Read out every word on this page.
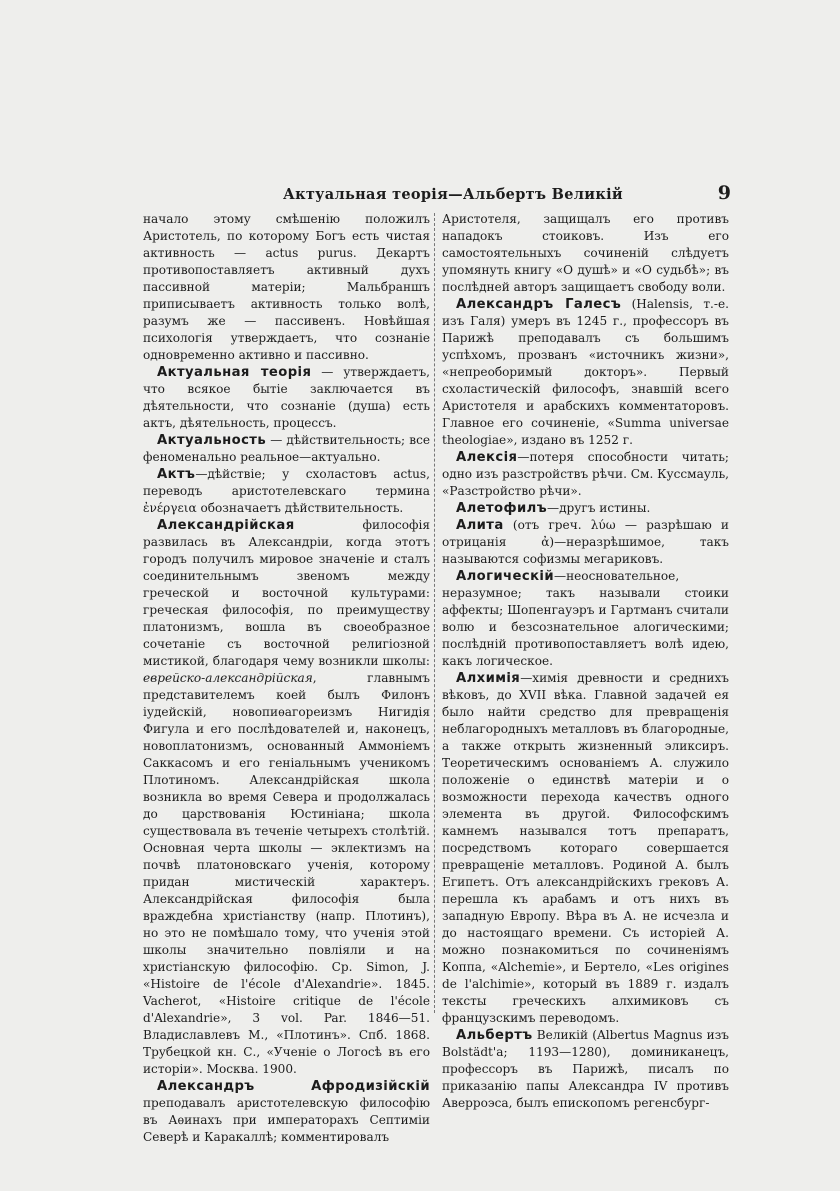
Актуальная теорія—Альбертъ Великій	9

начало этому смѣшенію положилъ Аристотель, по которому Богъ есть чистая активность — actus purus. Декартъ противопоставляетъ активный духъ пассивной матеріи; Мальбраншъ приписываетъ активность только волѣ, разумъ же — пассивенъ. Новѣйшая психологія утверждаетъ, что сознаніе одновременно активно и пассивно.

Актуальная теорія — утверждаетъ, что всякое бытіе заключается въ дѣятельности, что сознаніе (душа) есть актъ, дѣятельность, процессъ.

Актуальность — дѣйствительность; все феноменально реальное—актуально.

Актъ—дѣйствіе; у схоластовъ actus, переводъ аристотелевскаго термина ἐνέργεια обозначаетъ дѣйствительность.

Александрійская философія развилась въ Александріи, когда этотъ городъ получилъ мировое значеніе и сталъ соединительнымъ звеномъ между греческой и восточной культурами: греческая философія, по преимуществу платонизмъ, вошла въ своеобразное сочетаніе съ восточной религіозной мистикой, благодаря чему возникли школы: еврейско-александрійская, главнымъ представителемъ коей былъ Филонъ іудейскій, новопиѳагореизмъ Нигидія Фигула и его послѣдователей и, наконецъ, новоплатонизмъ, основанный Аммоніемъ Саккасомъ и его геніальнымъ ученикомъ Плотиномъ. Александрійская школа возникла во время Севера и продолжалась до царствованія Юстиніана; школа существовала въ теченіе четырехъ столѣтій. Основная черта школы — эклектизмъ на почвѣ платоновскаго ученія, которому придан мистическій характеръ. Александрійская философія была враждебна христіанству (напр. Плотинъ), но это не помѣшало тому, что ученія этой школы значительно повліяли и на христіанскую философію. Cp. Simon, J. «Histoire de l'école d'Alexandrie». 1845. Vacherot, «Histoire critique de l'école d'Alexandrie», 3 vol. Par. 1846—51. Владиславлевъ М., «Плотинъ». Спб. 1868. Трубецкой кн. С., «Ученіе о Логосѣ въ его исторіи». Москва. 1900.

Александръ Афродизійскій преподавалъ аристотелевскую философію въ Аѳинахъ при императорахъ Септиміи Северѣ и Каракаллѣ; комментировалъ

Аристотеля, защищалъ его противъ нападокъ стоиковъ. Изъ его самостоятельныхъ сочиненій слѣдуетъ упомянуть книгу «О душѣ» и «О судьбѣ»; въ послѣдней авторъ защищаетъ свободу воли.

Александръ Галесъ (Halensis, т.-е. изъ Галя) умеръ въ 1245 г., профессоръ въ Парижѣ преподавалъ съ большимъ успѣхомъ, прозванъ «источникъ жизни», «непреоборимый докторъ». Первый схоластическій философъ, знавшій всего Аристотеля и арабскихъ комментаторовъ. Главное его сочиненіе, «Summa universae theologiae», издано въ 1252 г.

Алексія—потеря способности читать; одно изъ разстройствъ рѣчи. См. Куссмауль, «Разстройство рѣчи».

Алетофилъ—другъ истины.

Алита (отъ греч. λύω — разрѣшаю и отрицанія ἀ)—неразрѣшимое, такъ называются софизмы мегариковъ.

Алогическій—неосновательное, неразумное; такъ называли стоики аффекты; Шопенгауэръ и Гартманъ считали волю и безсознательное алогическими; послѣдній противопоставляетъ волѣ идею, какъ логическое.

Алхимія—химія древности и среднихъ вѣковъ, до XVII вѣка. Главной задачей ея было найти средство для превращенія неблагородныхъ металловъ въ благородные, а также открыть жизненный эликсиръ. Теоретическимъ основаніемъ А. служило положеніе о единствѣ матеріи и о возможности перехода качествъ одного элемента въ другой. Философскимъ камнемъ назывался тотъ препаратъ, посредствомъ котораго совершается превращеніе металловъ. Родиной А. былъ Египетъ. Отъ александрійскихъ грековъ А. перешла къ арабамъ и отъ нихъ въ западную Европу. Вѣра въ А. не исчезла и до настоящаго времени. Съ исторіей А. можно познакомиться по сочиненіямъ Коппа, «Alchemie», и Бертело, «Les origines de l'alchimie», который въ 1889 г. издалъ тексты греческихъ алхимиковъ съ французскимъ переводомъ.

Альбертъ Великій (Albertus Magnus изъ Bolstädt'a; 1193—1280), доминиканецъ, профессоръ въ Парижѣ, писалъ по приказанію папы Александра IV противъ Аверроэса, былъ епископомъ регенсбург-
